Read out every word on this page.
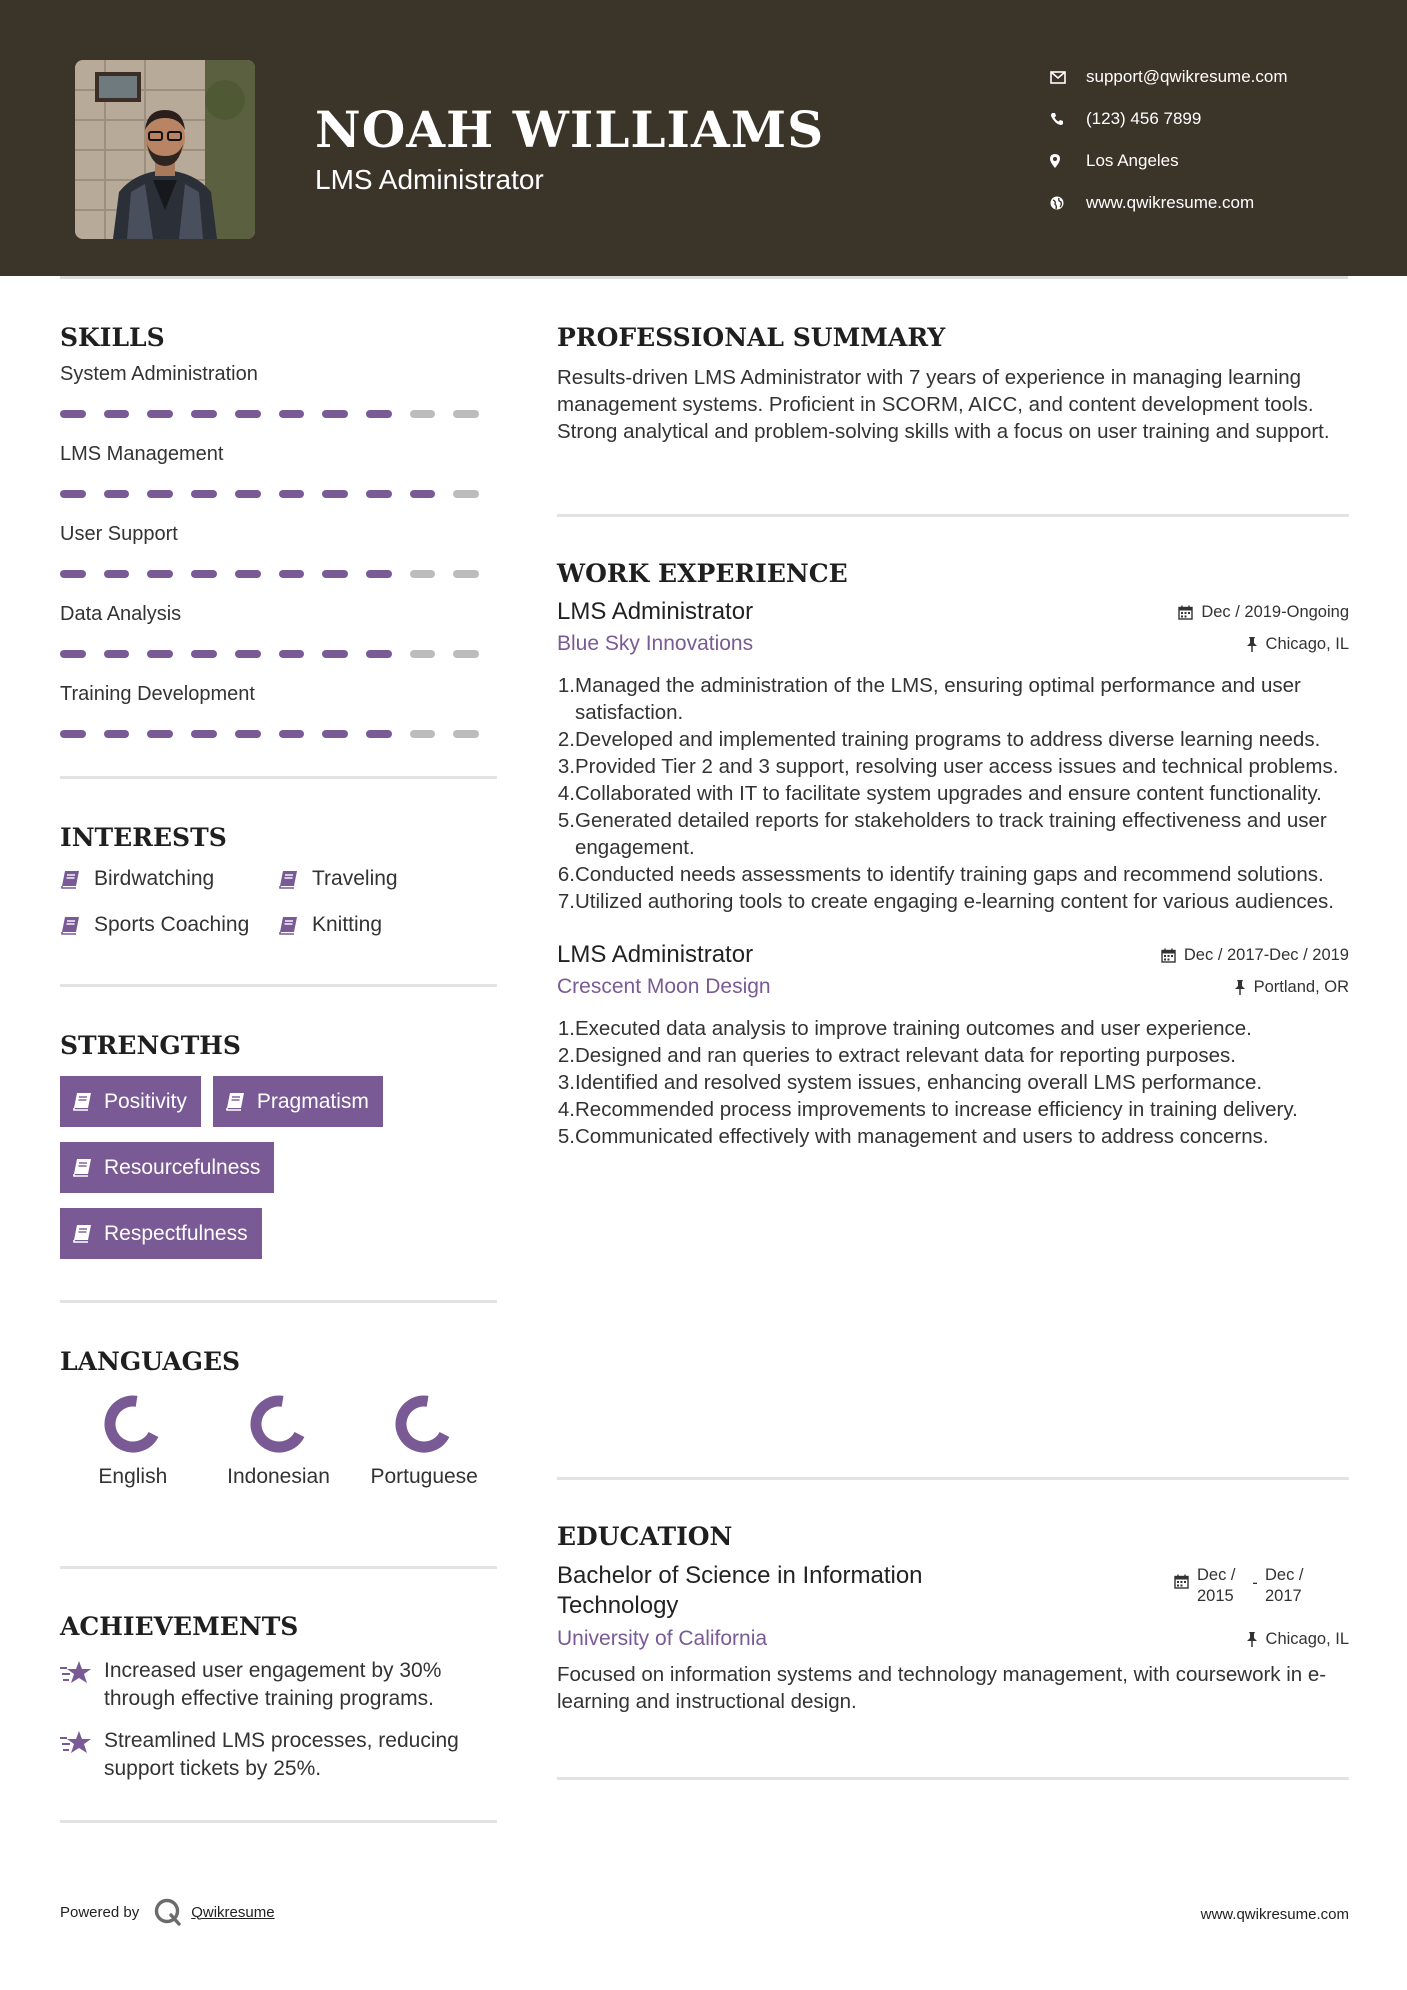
NOAH WILLIAMS
LMS Administrator
support@qwikresume.com
(123) 456 7899
Los Angeles
www.qwikresume.com
SKILLS
System Administration
LMS Management
User Support
Data Analysis
Training Development
INTERESTS
Birdwatching	Traveling
Sports Coaching	Knitting
STRENGTHS
Positivity	Pragmatism

Resourcefulness

Respectfulness
LANGUAGES
English	Indonesian	Portuguese
ACHIEVEMENTS
Increased user engagement by 30% through effective training programs.
Streamlined LMS processes, reducing support tickets by 25%.
PROFESSIONAL SUMMARY
Results-driven LMS Administrator with 7 years of experience in managing learning management systems. Proficient in SCORM, AICC, and content development tools. Strong analytical and problem-solving skills with a focus on user training and support.
WORK EXPERIENCE
LMS Administrator	Dec / 2019-Ongoing
Blue Sky Innovations	Chicago, IL
1. Managed the administration of the LMS, ensuring optimal performance and user satisfaction.
2. Developed and implemented training programs to address diverse learning needs.
3. Provided Tier 2 and 3 support, resolving user access issues and technical problems.
4. Collaborated with IT to facilitate system upgrades and ensure content functionality.
5. Generated detailed reports for stakeholders to track training effectiveness and user engagement.
6. Conducted needs assessments to identify training gaps and recommend solutions.
7. Utilized authoring tools to create engaging e-learning content for various audiences.
LMS Administrator	Dec / 2017-Dec / 2019
Crescent Moon Design	Portland, OR
1. Executed data analysis to improve training outcomes and user experience.
2. Designed and ran queries to extract relevant data for reporting purposes.
3. Identified and resolved system issues, enhancing overall LMS performance.
4. Recommended process improvements to increase efficiency in training delivery.
5. Communicated effectively with management and users to address concerns.
EDUCATION
Bachelor of Science in Information Technology
Dec / 2015
- Dec / 2017
University of California	Chicago, IL
Focused on information systems and technology management, with coursework in e-learning and instructional design.
Powered by	Qwikresume	www.qwikresume.com
